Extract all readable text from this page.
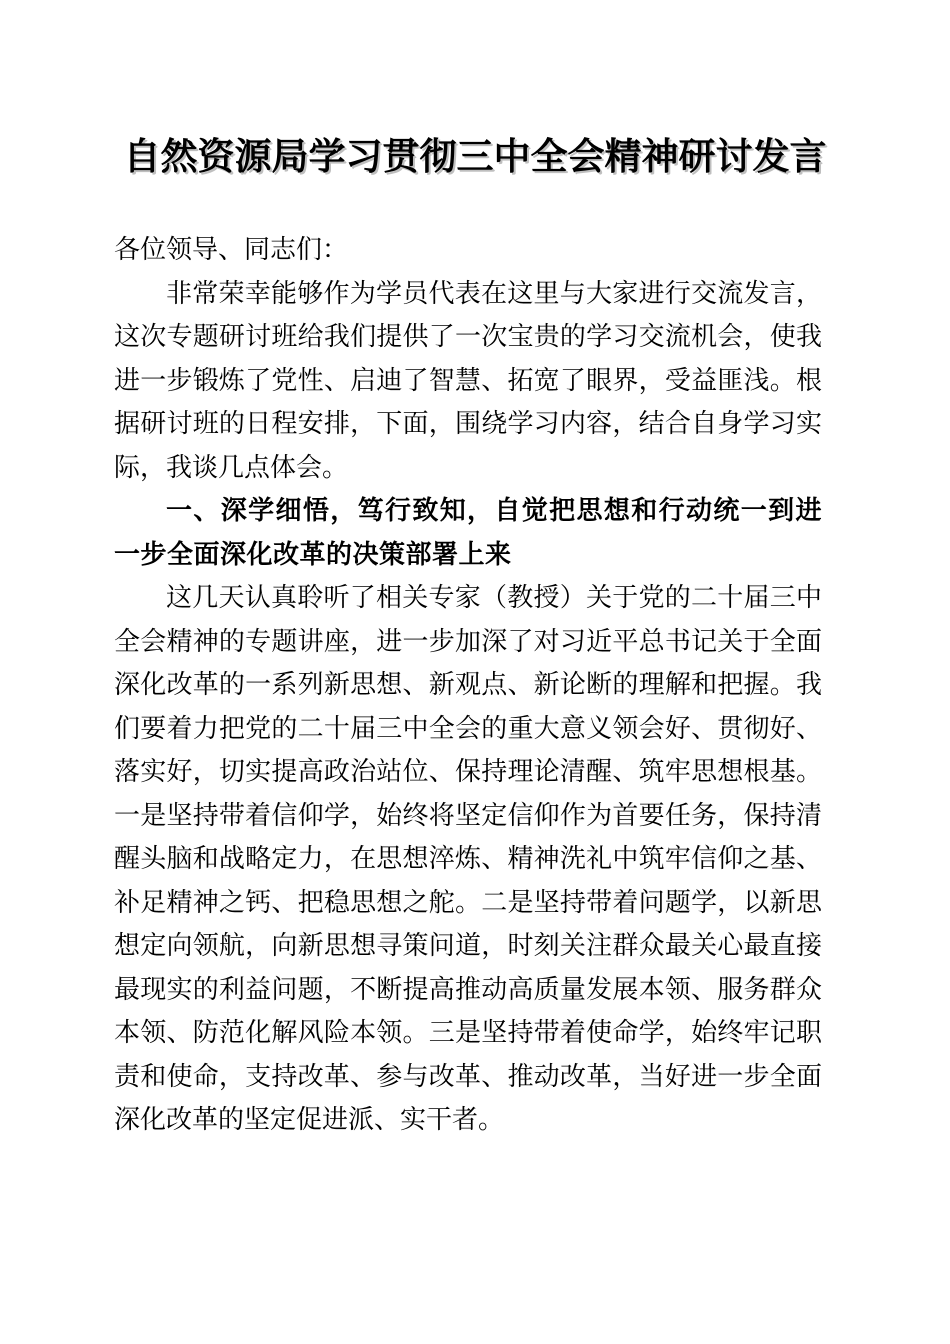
自然资源局学习贯彻三中全会精神研讨发言

各位领导、同志们：

非常荣幸能够作为学员代表在这里与大家进行交流发言，这次专题研讨班给我们提供了一次宝贵的学习交流机会，使我进一步锻炼了党性、启迪了智慧、拓宽了眼界，受益匪浅。根据研讨班的日程安排，下面，围绕学习内容，结合自身学习实际，我谈几点体会。

一、深学细悟，笃行致知，自觉把思想和行动统一到进一步全面深化改革的决策部署上来

这几天认真聆听了相关专家（教授）关于党的二十届三中全会精神的专题讲座，进一步加深了对习近平总书记关于全面深化改革的一系列新思想、新观点、新论断的理解和把握。我们要着力把党的二十届三中全会的重大意义领会好、贯彻好、落实好，切实提高政治站位、保持理论清醒、筑牢思想根基。一是坚持带着信仰学，始终将坚定信仰作为首要任务，保持清醒头脑和战略定力，在思想淬炼、精神洗礼中筑牢信仰之基、补足精神之钙、把稳思想之舵。二是坚持带着问题学，以新思想定向领航，向新思想寻策问道，时刻关注群众最关心最直接最现实的利益问题，不断提高推动高质量发展本领、服务群众本领、防范化解风险本领。三是坚持带着使命学，始终牢记职责和使命，支持改革、参与改革、推动改革，当好进一步全面深化改革的坚定促进派、实干者。
